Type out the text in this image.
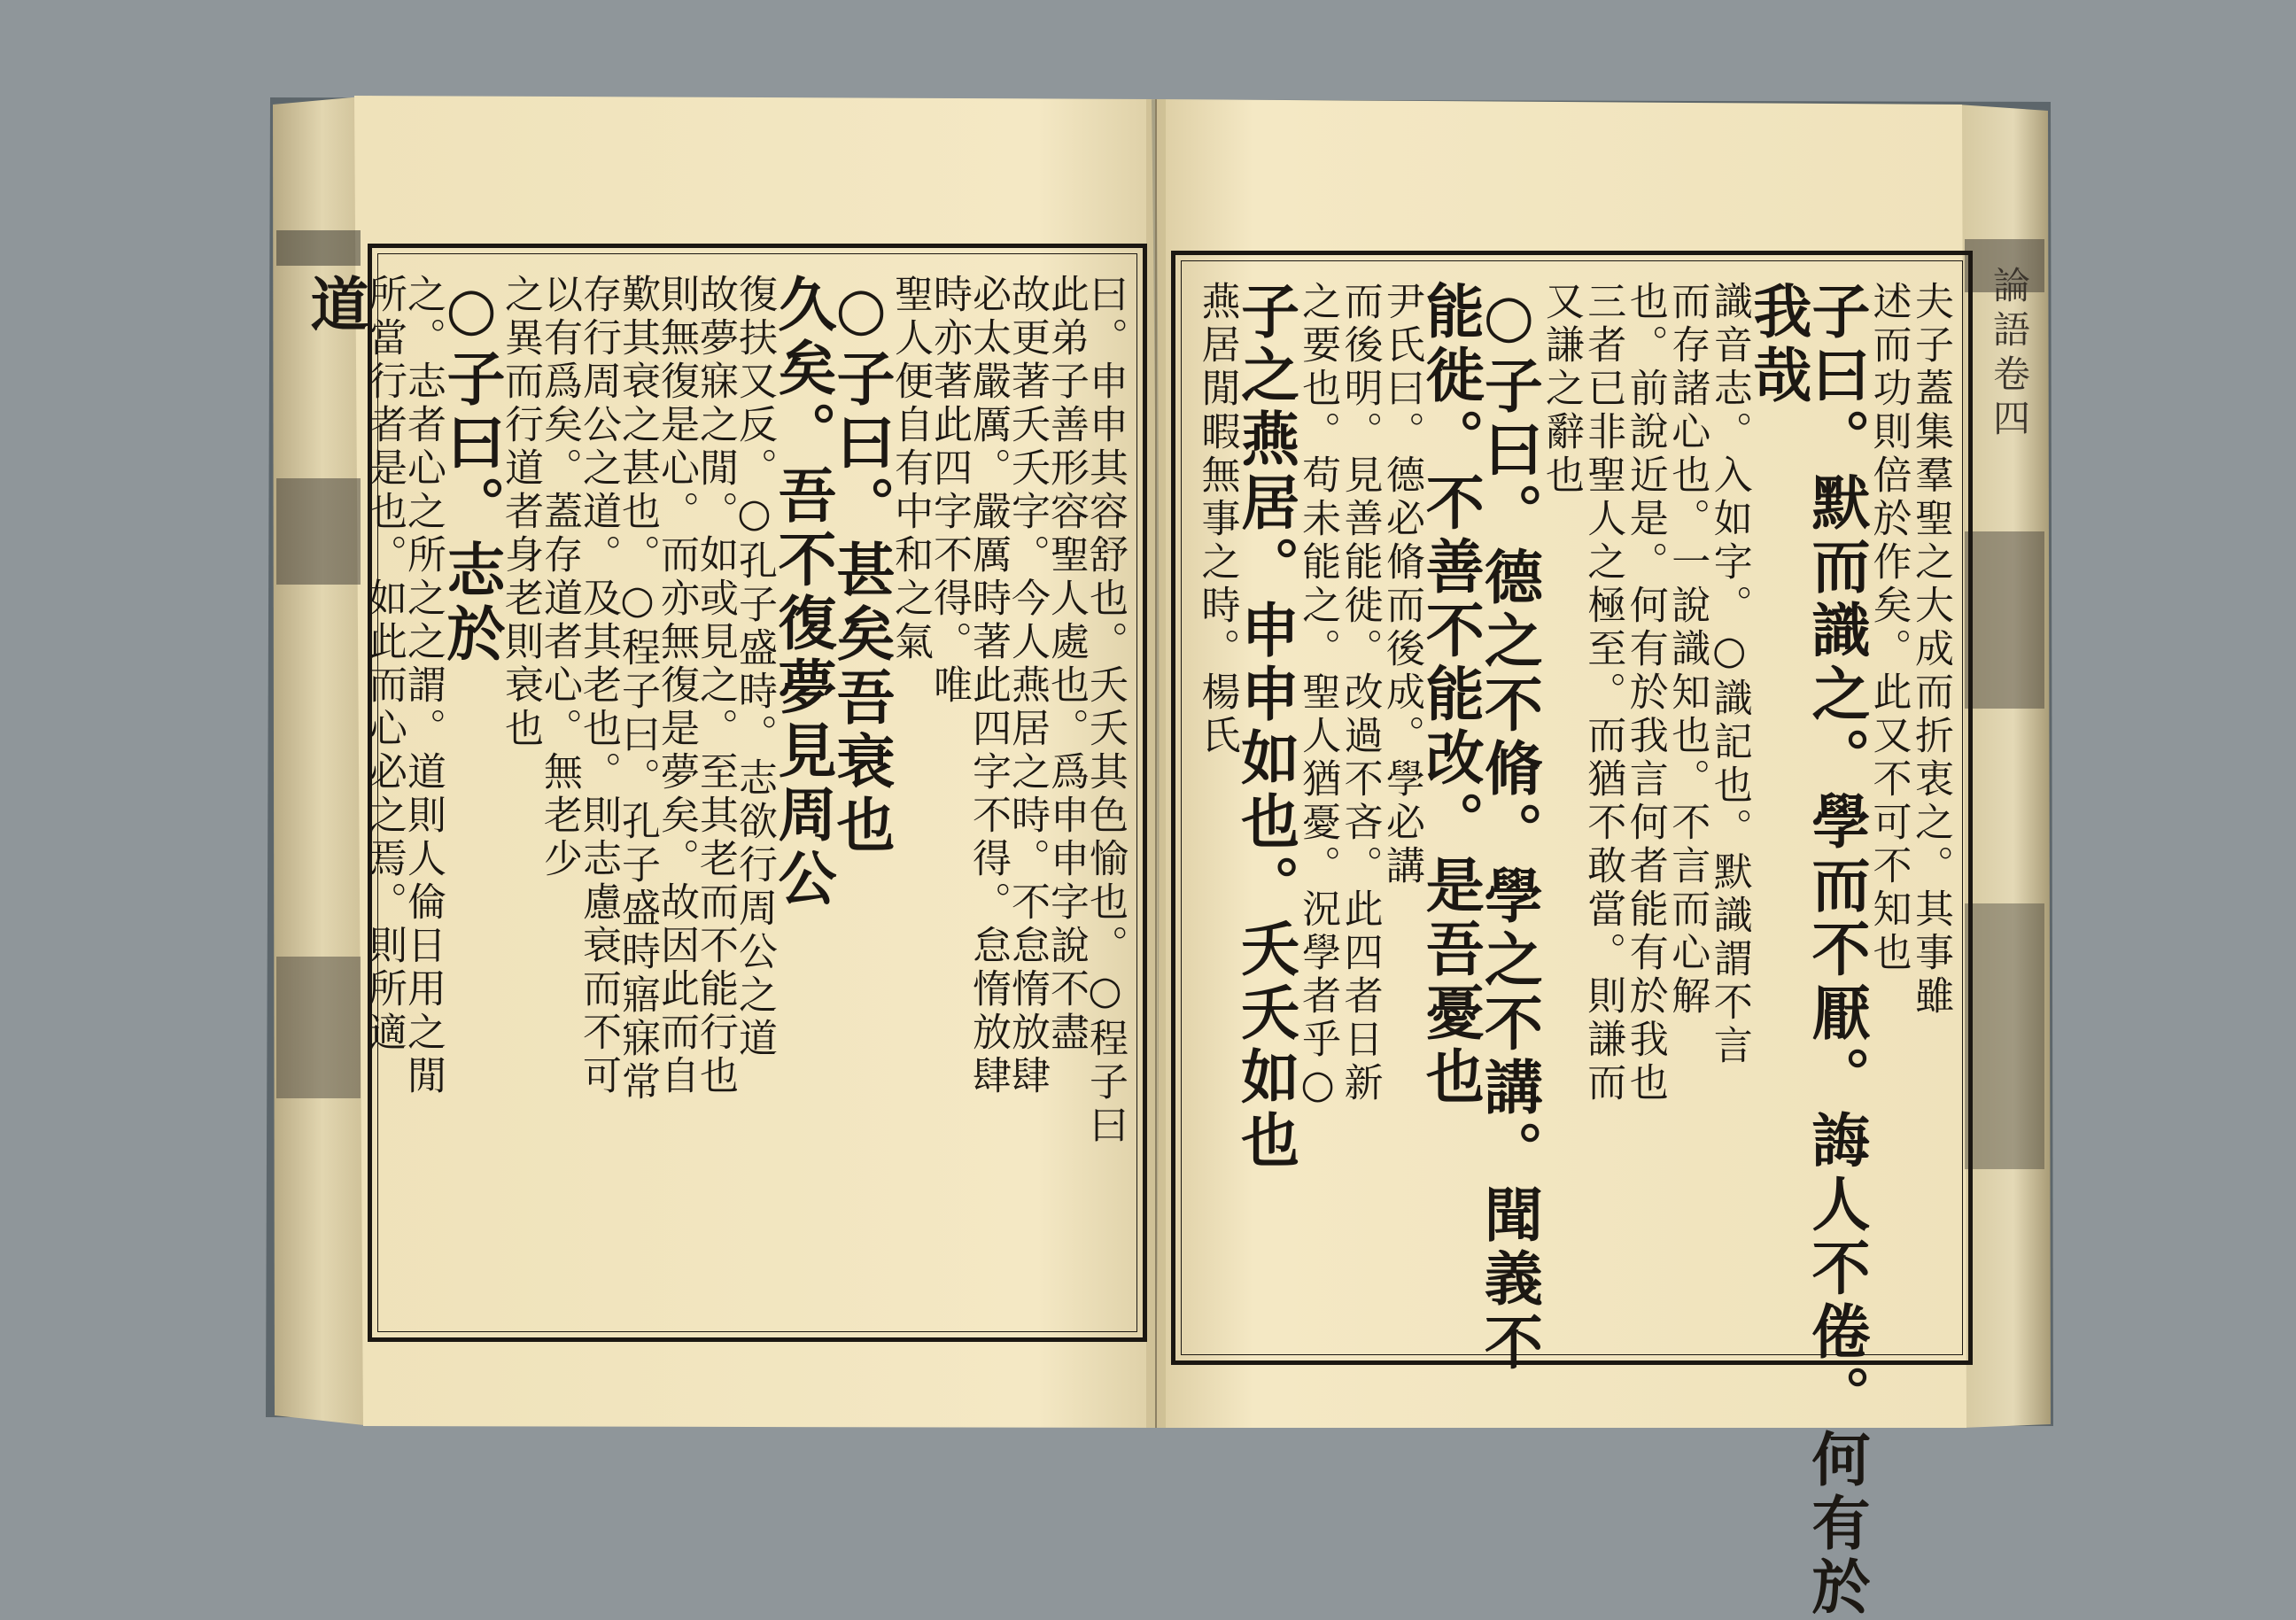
夫子蓋集羣聖之大成而折衷之。其事雖
述而功則倍於作矣。此又不可不知也
子曰。默而識之。學而不厭。誨人不倦。何有於
我哉
識音志。入如字。○識記也。默識謂不言
而存諸心也。一說識知也。不言而心解
也。前說近是。何有於我言何者能有於我也
三者已非聖人之極至。而猶不敢當。則謙而
又謙之辭也
○子曰。德之不脩。學之不講。聞義不
能徙。不善不能改。是吾憂也
尹氏曰。德必脩而後成。學必講
而後明。見善能徙。改過不吝。此四者日新
之要也。苟未能之。聖人猶憂。況學者乎○
子之燕居。申申如也。夭夭如也
燕居閒暇無事之時。楊氏
曰。申申其容舒也。夭夭其色愉也。○程子曰
此弟子善形容聖人處也。爲申申字說不盡
故更著夭夭字。今人燕居之時。不怠惰放肆
必太嚴厲。嚴厲時著此四字不得。怠惰放肆
時亦著此四字不得。唯
聖人便自有中和之氣
○子曰。甚矣吾衰也
久矣。吾不復夢見周公
復扶又反。○孔子盛時。志欲行周公之道
故夢寐之閒。如或見之。至其老而不能行也
則無復是心。而亦無復是夢矣。故因此而自
歎其衰之甚也。○程子曰。孔子盛時寤寐常
存行周公之道。及其老也。則志慮衰而不可
以有爲矣。蓋存道者心。無老少
之異而行道者身老則衰也
○子曰。志於
之。志者心之所之之謂。道則人倫日用之閒
所當行者是也。如此而心必之焉。則所適
道	論語卷四
